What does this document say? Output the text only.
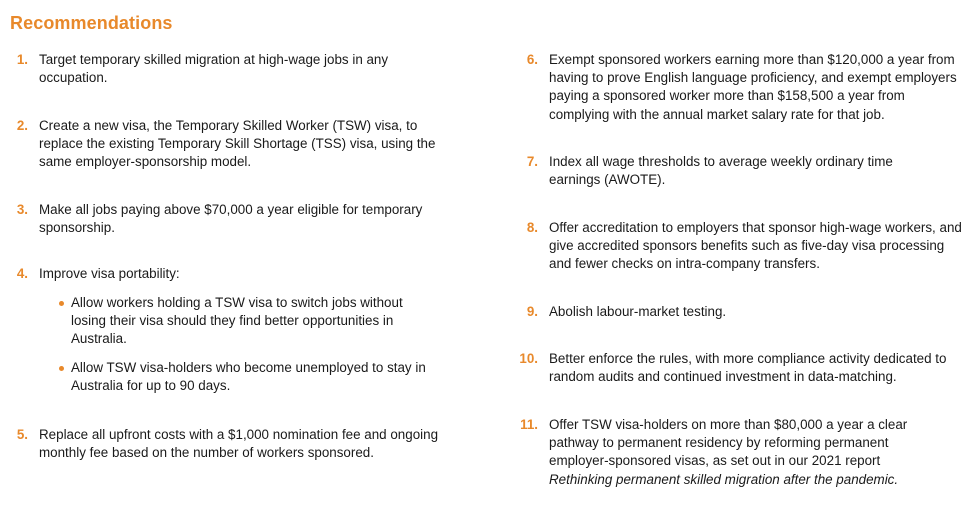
Recommendations
1. Target temporary skilled migration at high-wage jobs in any occupation.
2. Create a new visa, the Temporary Skilled Worker (TSW) visa, to replace the existing Temporary Skill Shortage (TSS) visa, using the same employer-sponsorship model.
3. Make all jobs paying above $70,000 a year eligible for temporary sponsorship.
4. Improve visa portability:
Allow workers holding a TSW visa to switch jobs without losing their visa should they find better opportunities in Australia.
Allow TSW visa-holders who become unemployed to stay in Australia for up to 90 days.
5. Replace all upfront costs with a $1,000 nomination fee and ongoing monthly fee based on the number of workers sponsored.
6. Exempt sponsored workers earning more than $120,000 a year from having to prove English language proficiency, and exempt employers paying a sponsored worker more than $158,500 a year from complying with the annual market salary rate for that job.
7. Index all wage thresholds to average weekly ordinary time earnings (AWOTE).
8. Offer accreditation to employers that sponsor high-wage workers, and give accredited sponsors benefits such as five-day visa processing and fewer checks on intra-company transfers.
9. Abolish labour-market testing.
10. Better enforce the rules, with more compliance activity dedicated to random audits and continued investment in data-matching.
11. Offer TSW visa-holders on more than $80,000 a year a clear pathway to permanent residency by reforming permanent employer-sponsored visas, as set out in our 2021 report Rethinking permanent skilled migration after the pandemic.
